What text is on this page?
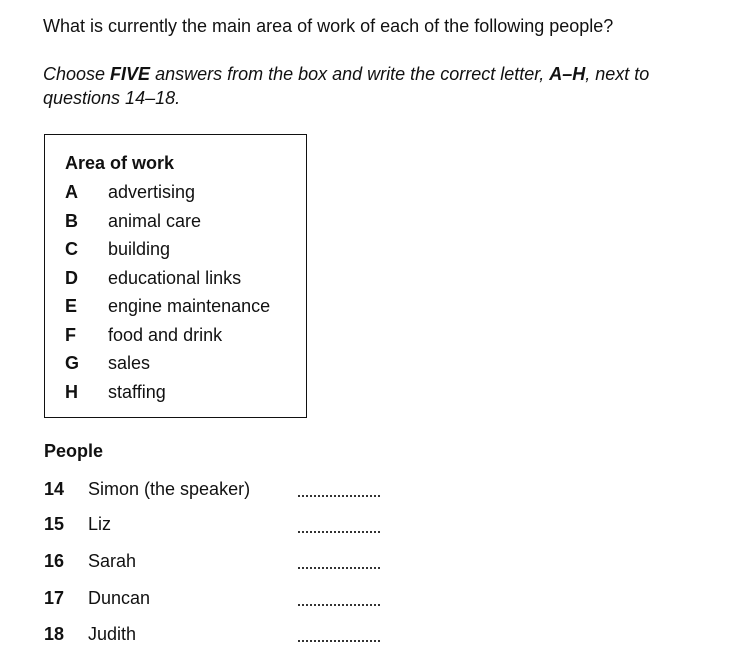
What is currently the main area of work of each of the following people?
Choose FIVE answers from the box and write the correct letter, A–H, next to questions 14–18.
Area of work
A advertising
B animal care
C building
D educational links
E engine maintenance
F food and drink
G sales
H staffing
People
14 Simon (the speaker)
15 Liz
16 Sarah
17 Duncan
18 Judith
